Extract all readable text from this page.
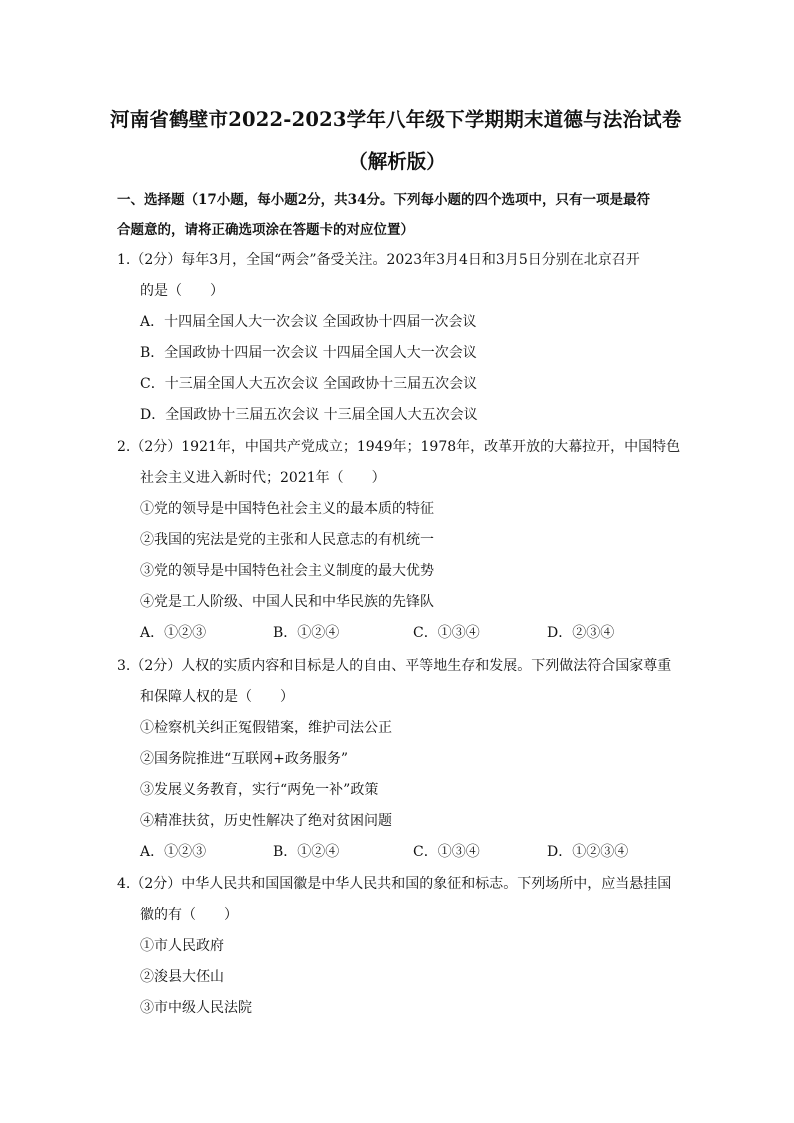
河南省鹤壁市2022-2023学年八年级下学期期末道德与法治试卷
（解析版）
一、选择题（17小题，每小题2分，共34分。下列每小题的四个选项中，只有一项是最符
合题意的，请将正确选项涂在答题卡的对应位置）
1.（2分）每年3月，全国“两会”备受关注。2023年3月4日和3月5日分别在北京召开
的是（　　）
A．十四届全国人大一次会议 全国政协十四届一次会议
B．全国政协十四届一次会议 十四届全国人大一次会议
C．十三届全国人大五次会议 全国政协十三届五次会议
D．全国政协十三届五次会议 十三届全国人大五次会议
2.（2分）1921年，中国共产党成立；1949年；1978年，改革开放的大幕拉开，中国特色
社会主义进入新时代；2021年（　　）
①党的领导是中国特色社会主义的最本质的特征
②我国的宪法是党的主张和人民意志的有机统一
③党的领导是中国特色社会主义制度的最大优势
④党是工人阶级、中国人民和中华民族的先锋队
A．①②③	B．①②④	C．①③④	D．②③④
3.（2分）人权的实质内容和目标是人的自由、平等地生存和发展。下列做法符合国家尊重
和保障人权的是（　　）
①检察机关纠正冤假错案，维护司法公正
②国务院推进“互联网+政务服务”
③发展义务教育，实行“两免一补”政策
④精准扶贫，历史性解决了绝对贫困问题
A．①②③	B．①②④	C．①③④	D．①②③④
4.（2分）中华人民共和国国徽是中华人民共和国的象征和标志。下列场所中，应当悬挂国
徽的有（　　）
①市人民政府
②浚县大伾山
③市中级人民法院
